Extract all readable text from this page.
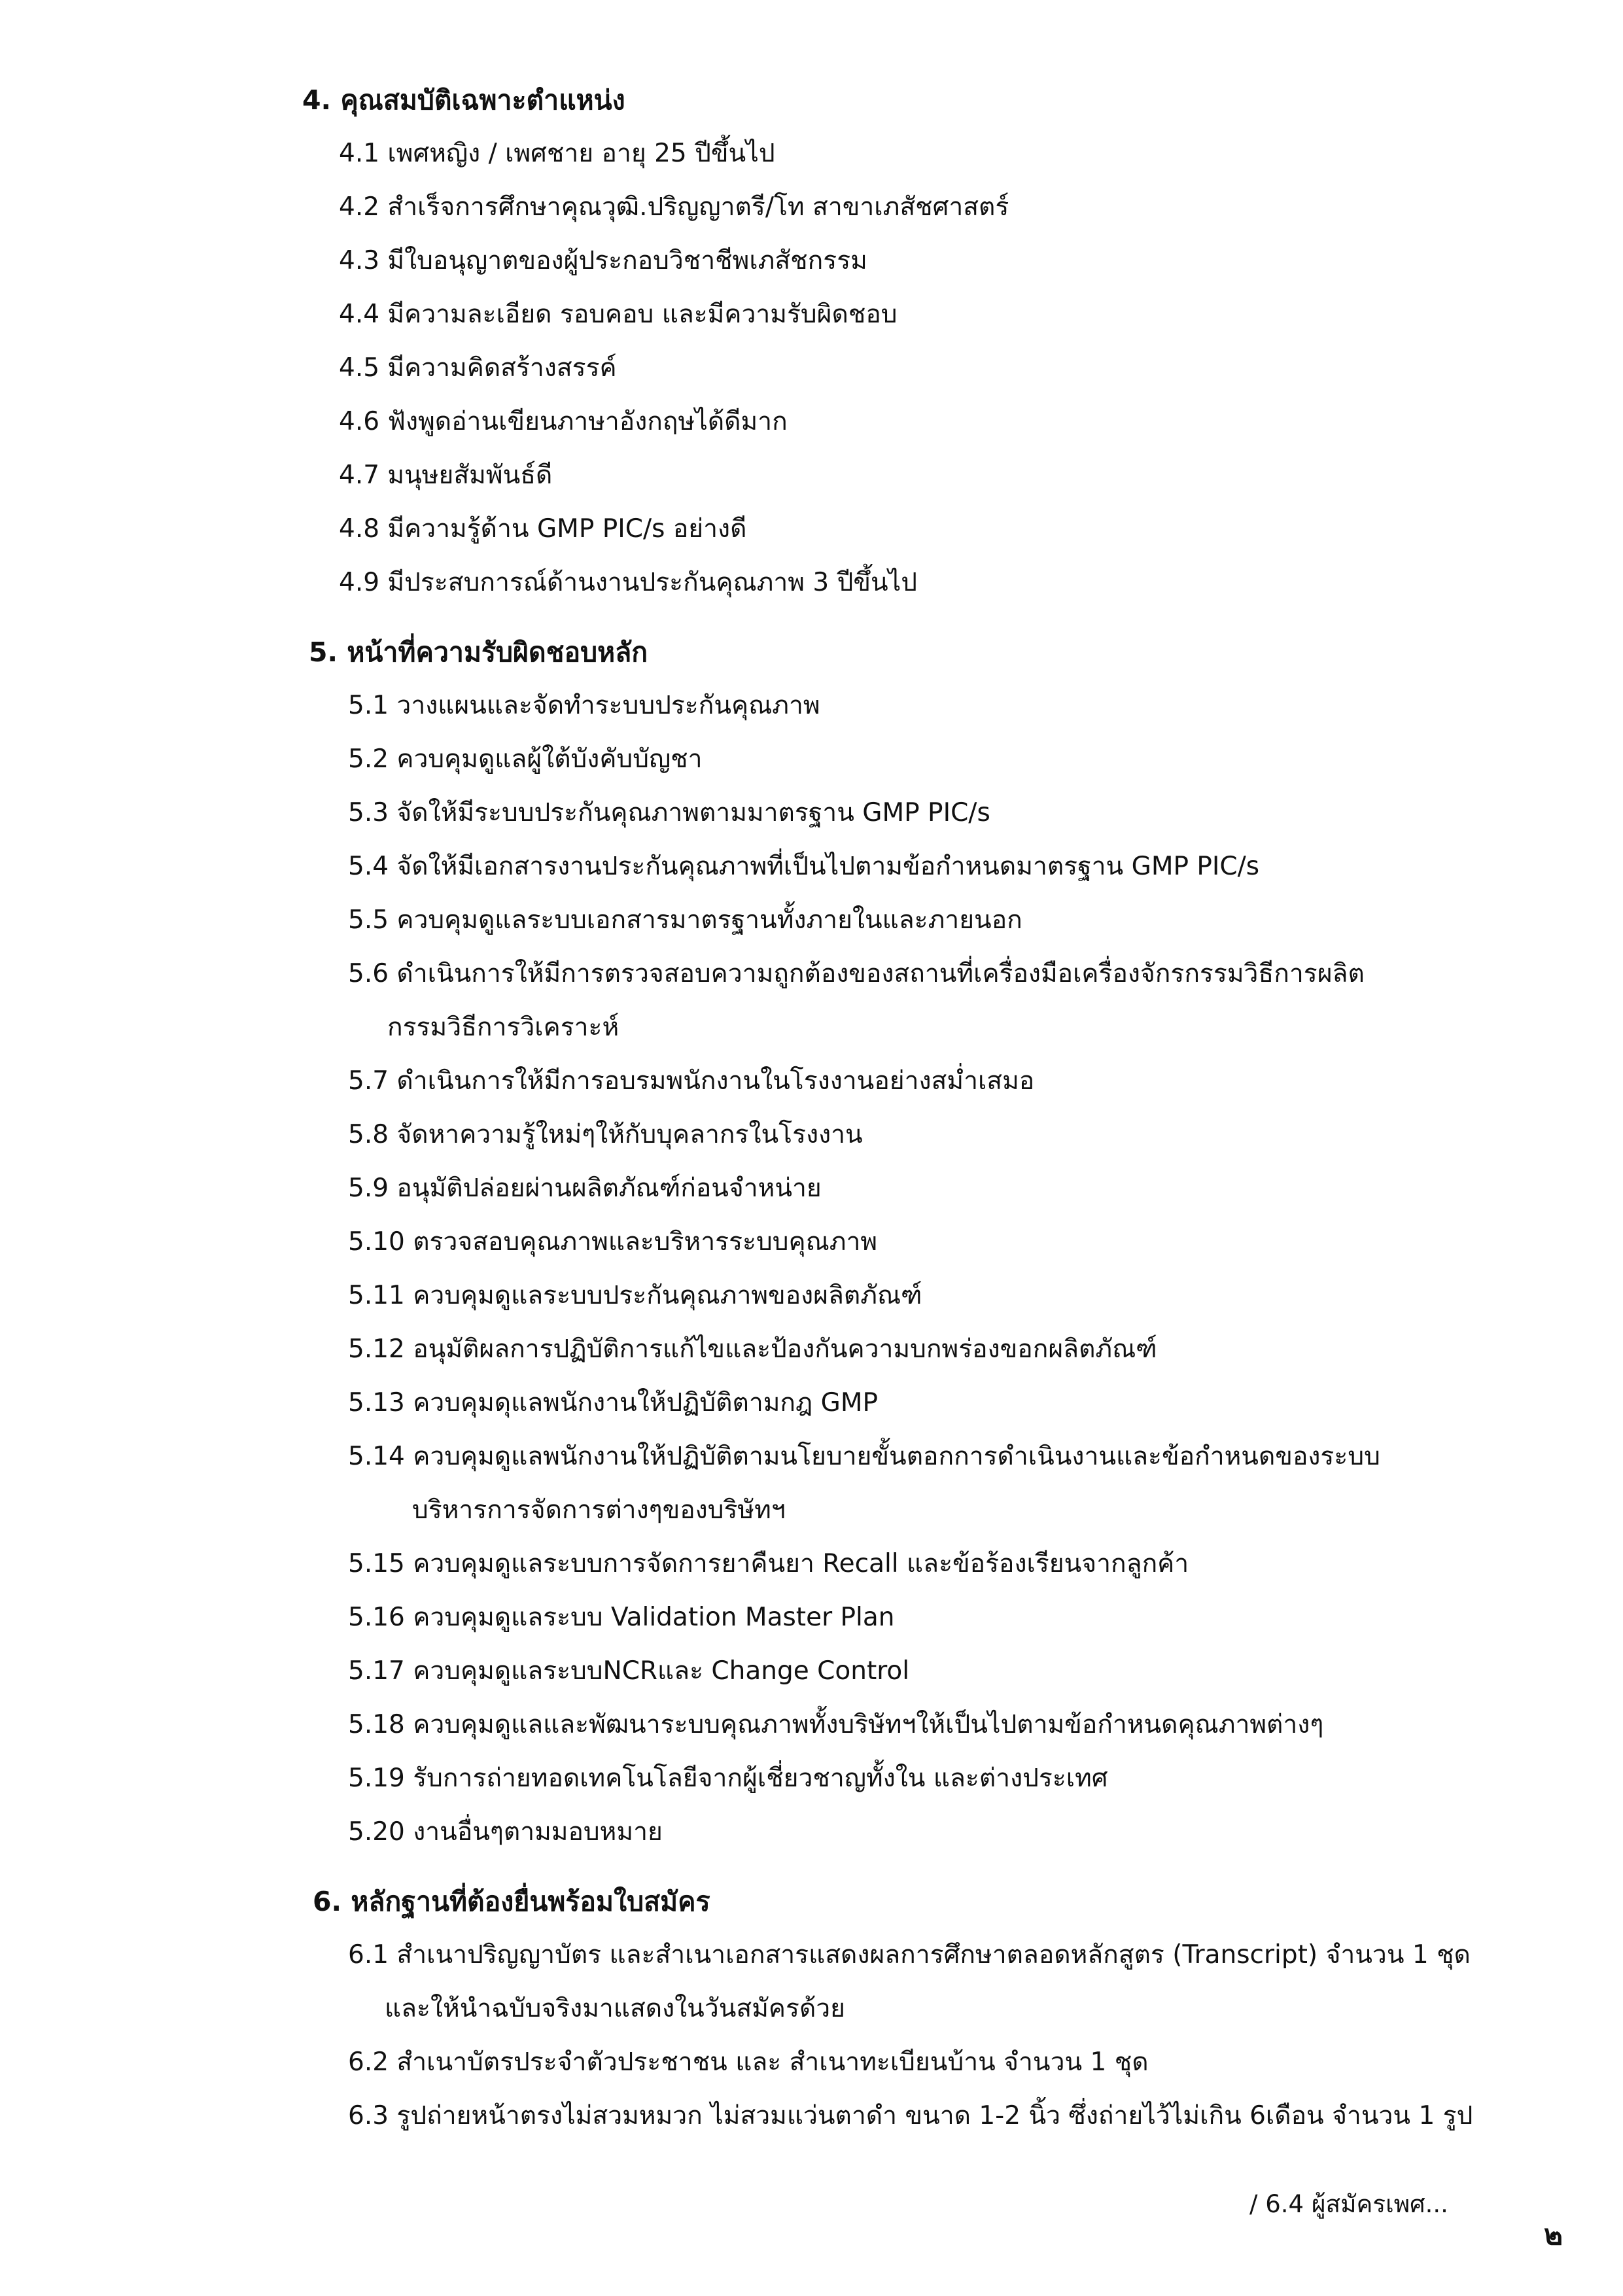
4. คุณสมบัติเฉพาะตำแหน่ง
4.1 เพศหญิง / เพศชาย อายุ 25 ปีขึ้นไป
4.2 สำเร็จการศึกษาคุณวุฒิ.ปริญญาตรี/โท สาขาเภสัชศาสตร์
4.3 มีใบอนุญาตของผู้ประกอบวิชาชีพเภสัชกรรม
4.4 มีความละเอียด รอบคอบ และมีความรับผิดชอบ
4.5 มีความคิดสร้างสรรค์
4.6 ฟังพูดอ่านเขียนภาษาอังกฤษได้ดีมาก
4.7 มนุษยสัมพันธ์ดี
4.8 มีความรู้ด้าน GMP PIC/s อย่างดี
4.9 มีประสบการณ์ด้านงานประกันคุณภาพ 3 ปีขึ้นไป
5. หน้าที่ความรับผิดชอบหลัก
5.1 วางแผนและจัดทำระบบประกันคุณภาพ
5.2 ควบคุมดูแลผู้ใต้บังคับบัญชา
5.3 จัดให้มีระบบประกันคุณภาพตามมาตรฐาน GMP PIC/s
5.4 จัดให้มีเอกสารงานประกันคุณภาพที่เป็นไปตามข้อกำหนดมาตรฐาน GMP PIC/s
5.5 ควบคุมดูแลระบบเอกสารมาตรฐานทั้งภายในและภายนอก
5.6 ดำเนินการให้มีการตรวจสอบความถูกต้องของสถานที่เครื่องมือเครื่องจักรกรรมวิธีการผลิต
กรรมวิธีการวิเคราะห์
5.7 ดำเนินการให้มีการอบรมพนักงานในโรงงานอย่างสม่ำเสมอ
5.8 จัดหาความรู้ใหม่ๆให้กับบุคลากรในโรงงาน
5.9 อนุมัติปล่อยผ่านผลิตภัณฑ์ก่อนจำหน่าย
5.10 ตรวจสอบคุณภาพและบริหารระบบคุณภาพ
5.11 ควบคุมดูแลระบบประกันคุณภาพของผลิตภัณฑ์
5.12 อนุมัติผลการปฏิบัติการแก้ไขและป้องกันความบกพร่องขอกผลิตภัณฑ์
5.13 ควบคุมดุแลพนักงานให้ปฏิบัติตามกฎ GMP
5.14 ควบคุมดูแลพนักงานให้ปฏิบัติตามนโยบายขั้นตอกการดำเนินงานและข้อกำหนดของระบบ
บริหารการจัดการต่างๆของบริษัทฯ
5.15 ควบคุมดูแลระบบการจัดการยาคืนยา Recall และข้อร้องเรียนจากลูกค้า
5.16 ควบคุมดูแลระบบ Validation Master Plan
5.17 ควบคุมดูแลระบบNCRและ Change Control
5.18 ควบคุมดูแลและพัฒนาระบบคุณภาพทั้งบริษัทฯให้เป็นไปตามข้อกำหนดคุณภาพต่างๆ
5.19 รับการถ่ายทอดเทคโนโลยีจากผู้เชี่ยวชาญทั้งใน และต่างประเทศ
5.20 งานอื่นๆตามมอบหมาย
6. หลักฐานที่ต้องยื่นพร้อมใบสมัคร
6.1 สำเนาปริญญาบัตร และสำเนาเอกสารแสดงผลการศึกษาตลอดหลักสูตร (Transcript) จำนวน 1 ชุด
และให้นำฉบับจริงมาแสดงในวันสมัครด้วย
6.2 สำเนาบัตรประจำตัวประชาชน และ สำเนาทะเบียนบ้าน จำนวน 1 ชุด
6.3 รูปถ่ายหน้าตรงไม่สวมหมวก ไม่สวมแว่นตาดำ ขนาด 1-2 นิ้ว ซึ่งถ่ายไว้ไม่เกิน 6เดือน จำนวน 1 รูป
/ 6.4 ผู้สมัครเพศ...
๒
